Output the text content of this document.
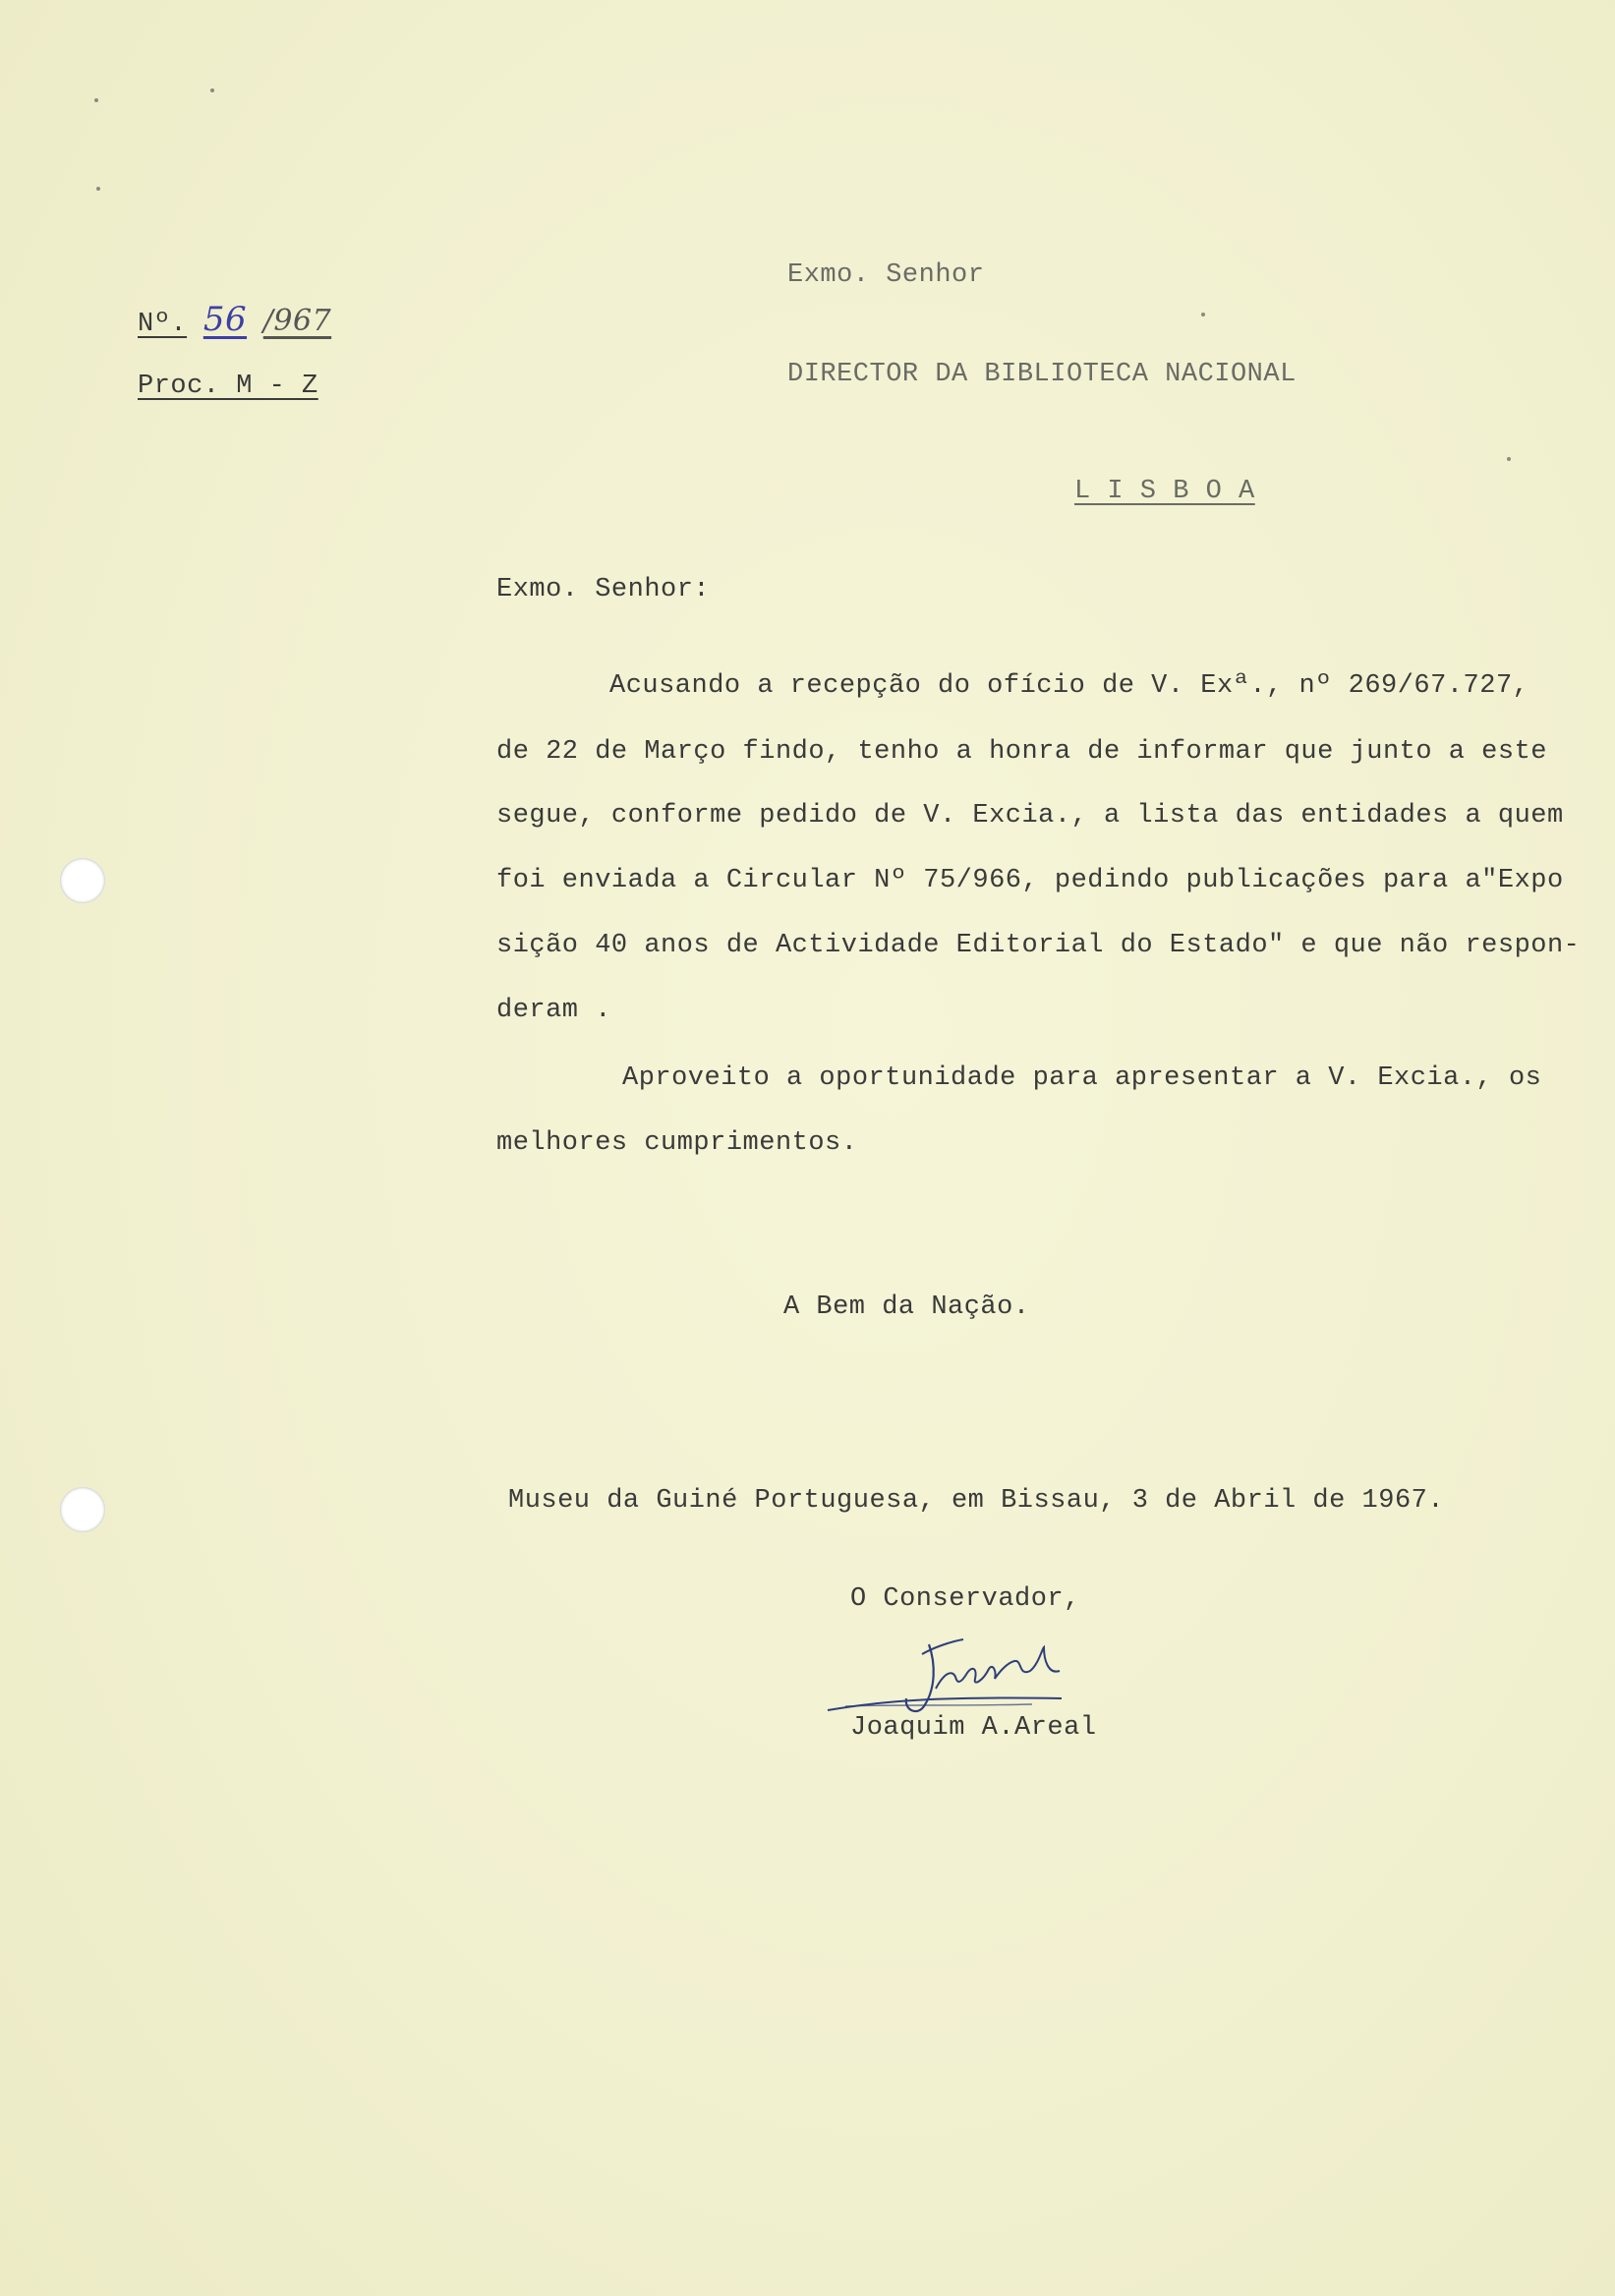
Nº. 56 /967

Proc. M - Z

Exmo. Senhor

DIRECTOR DA BIBLIOTECA NACIONAL

L I S B O A

Exmo. Senhor:

Acusando a recepção do ofício de V. Exª., nº 269/67.727,
de 22 de Março findo, tenho a honra de informar que junto a este
segue, conforme pedido de V. Excia., a lista das entidades a quem
foi enviada a Circular Nº 75/966, pedindo publicações para a"Expo
sição 40 anos de Actividade Editorial do Estado" e que não respon-
deram .
Aproveito a oportunidade para apresentar a V. Excia., os
melhores cumprimentos.

A Bem da Nação.

Museu da Guiné Portuguesa, em Bissau, 3 de Abril de 1967.

O Conservador,

Joaquim A.Areal
